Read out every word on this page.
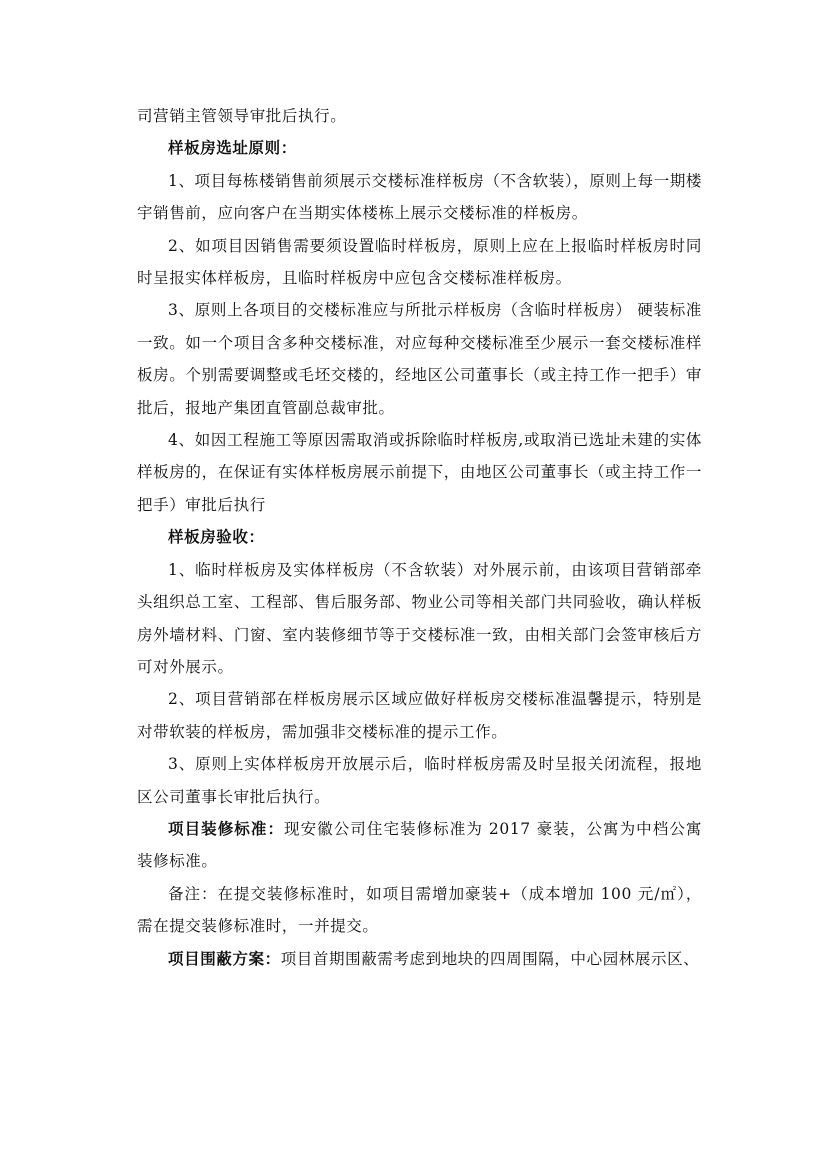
司营销主管领导审批后执行。

样板房选址原则：

1、项目每栋楼销售前须展示交楼标准样板房（不含软装），原则上每一期楼宇销售前，应向客户在当期实体楼栋上展示交楼标准的样板房。

2、如项目因销售需要须设置临时样板房，原则上应在上报临时样板房时同时呈报实体样板房，且临时样板房中应包含交楼标准样板房。

3、原则上各项目的交楼标准应与所批示样板房（含临时样板房） 硬装标准一致。如一个项目含多种交楼标准，对应每种交楼标准至少展示一套交楼标准样板房。个别需要调整或毛坯交楼的，经地区公司董事长（或主持工作一把手）审批后，报地产集团直管副总裁审批。

4、如因工程施工等原因需取消或拆除临时样板房,或取消已选址未建的实体样板房的，在保证有实体样板房展示前提下，由地区公司董事长（或主持工作一把手）审批后执行

样板房验收：

1、临时样板房及实体样板房（不含软装）对外展示前，由该项目营销部牵头组织总工室、工程部、售后服务部、物业公司等相关部门共同验收，确认样板房外墙材料、门窗、室内装修细节等于交楼标准一致，由相关部门会签审核后方可对外展示。

2、项目营销部在样板房展示区域应做好样板房交楼标准温馨提示，特别是对带软装的样板房，需加强非交楼标准的提示工作。

3、原则上实体样板房开放展示后，临时样板房需及时呈报关闭流程，报地区公司董事长审批后执行。

项目装修标准：现安徽公司住宅装修标准为 2017 豪装，公寓为中档公寓装修标准。

备注：在提交装修标准时，如项目需增加豪装+（成本增加 100 元/㎡），需在提交装修标准时，一并提交。

项目围蔽方案：项目首期围蔽需考虑到地块的四周围隔，中心园林展示区、
